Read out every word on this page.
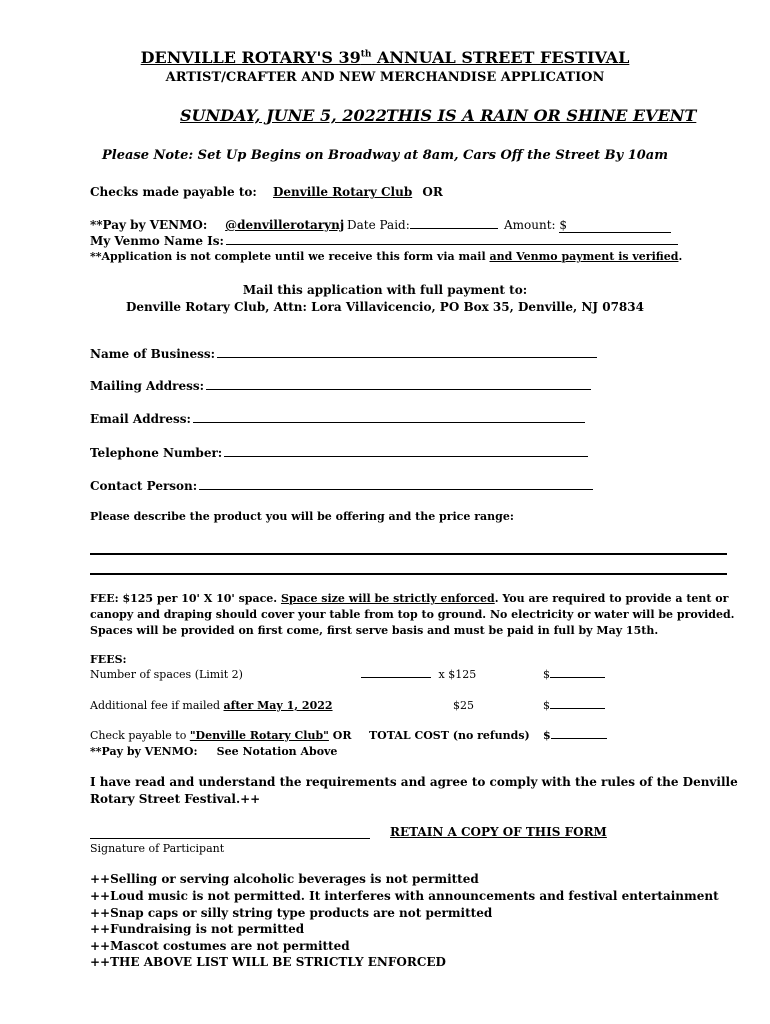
DENVILLE ROTARY'S 39th ANNUAL STREET FESTIVAL
ARTIST/CRAFTER AND NEW MERCHANDISE APPLICATION
SUNDAY, JUNE 5, 2022 THIS IS A RAIN OR SHINE EVENT
Please Note: Set Up Begins on Broadway at 8am, Cars Off the Street By 10am
Checks made payable to: Denville Rotary Club OR
**Pay by VENMO: @denvillerotarynj Date Paid:	Amount: $
My Venmo Name Is:
**Application is not complete until we receive this form via mail and Venmo payment is verified.
Mail this application with full payment to:
Denville Rotary Club, Attn: Lora Villavicencio, PO Box 35, Denville, NJ 07834
Name of Business:
Mailing Address:
Email Address:
Telephone Number:
Contact Person:
Please describe the product you will be offering and the price range:
FEE: $125 per 10' X 10' space. Space size will be strictly enforced. You are required to provide a tent or
canopy and draping should cover your table from top to ground. No electricity or water will be provided.
Spaces will be provided on first come, first serve basis and must be paid in full by May 15th.
FEES:
Number of spaces (Limit 2)	x $125	$
Additional fee if mailed after May 1, 2022	$25	$
Check payable to "Denville Rotary Club" OR TOTAL COST (no refunds) $
**Pay by VENMO:     See Notation Above
I have read and understand the requirements and agree to comply with the rules of the Denville
Rotary Street Festival.++
RETAIN A COPY OF THIS FORM
Signature of Participant
++Selling or serving alcoholic beverages is not permitted
++Loud music is not permitted. It interferes with announcements and festival entertainment
++Snap caps or silly string type products are not permitted
++Fundraising is not permitted
++Mascot costumes are not permitted
++THE ABOVE LIST WILL BE STRICTLY ENFORCED
